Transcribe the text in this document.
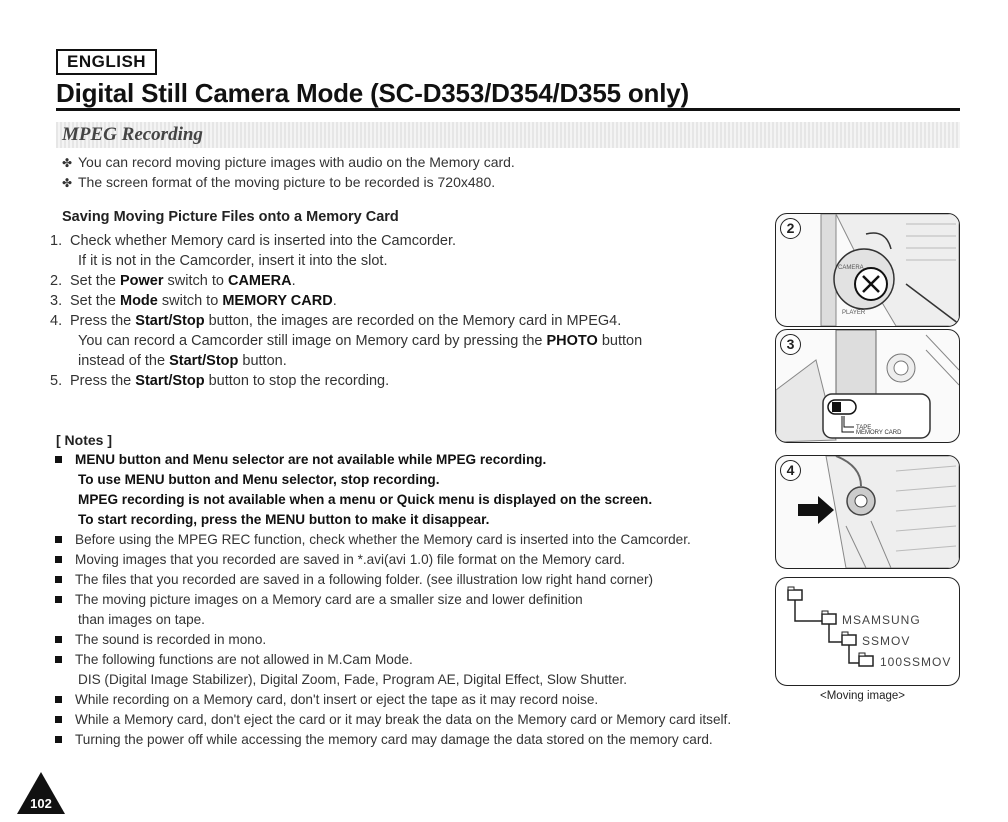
ENGLISH
Digital Still Camera Mode (SC-D353/D354/D355 only)
MPEG Recording
✤ You can record moving picture images with audio on the Memory card.
✤ The screen format of the moving picture to be recorded is 720x480.
Saving Moving Picture Files onto a Memory Card
1. Check whether Memory card is inserted into the Camcorder.
If it is not in the Camcorder, insert it into the slot.
2. Set the Power switch to CAMERA.
3. Set the Mode switch to MEMORY CARD.
4. Press the Start/Stop button, the images are recorded on the Memory card in MPEG4.
You can record a Camcorder still image on Memory card by pressing the PHOTO button
instead of the Start/Stop button.
5. Press the Start/Stop button to stop the recording.
[ Notes ]
MENU button and Menu selector are not available while MPEG recording.
To use MENU button and Menu selector, stop recording.
MPEG recording is not available when a menu or Quick menu is displayed on the screen.
To start recording, press the MENU button to make it disappear.
Before using the MPEG REC function, check whether the Memory card is inserted into the Camcorder.
Moving images that you recorded are saved in *.avi(avi 1.0) file format on the Memory card.
The files that you recorded are saved in a following folder. (see illustration low right hand corner)
The moving picture images on a Memory card are a smaller size and lower definition
than images on tape.
The sound is recorded in mono.
The following functions are not allowed in M.Cam Mode.
DIS (Digital Image Stabilizer), Digital Zoom, Fade, Program AE, Digital Effect, Slow Shutter.
While recording on a Memory card, don't insert or eject the tape as it may record noise.
While a Memory card, don't eject the card or it may break the data on the Memory card or Memory card itself.
Turning the power off while accessing the memory card may damage the data stored on the memory card.
CAMERA
PLAYER
2
TAPE
MEMORY CARD
3
4
MSAMSUNG
SSMOV
100SSMOV
<Moving image>
102
